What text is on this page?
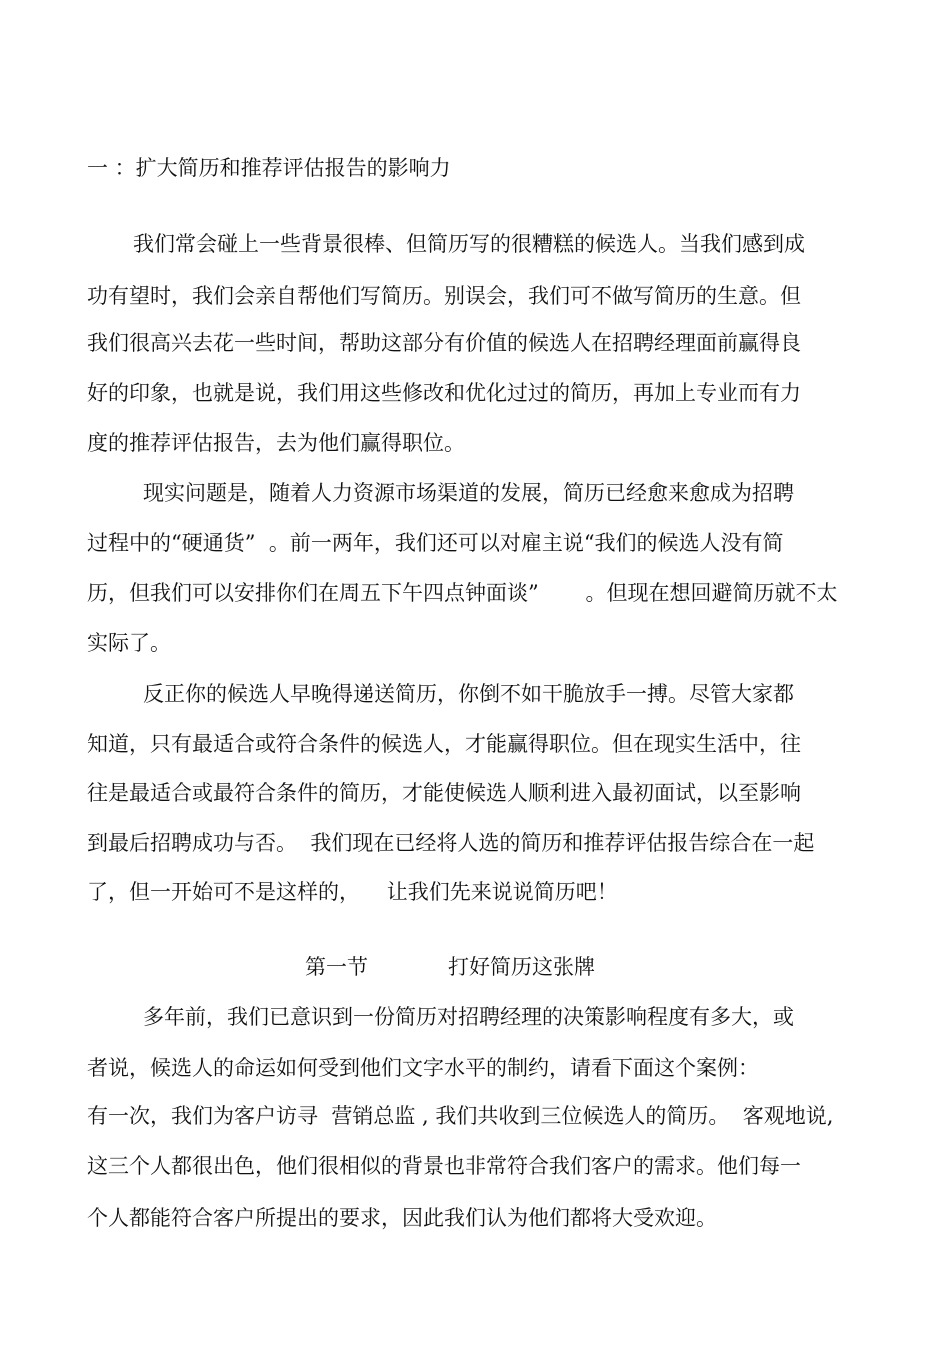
一 ：扩大简历和推荐评估报告的影响力

我们常会碰上一些背景很棒、但简历写的很糟糕的候选人。当我们感到成

功有望时，我们会亲自帮他们写简历。别误会，我们可不做写简历的生意。但

我们很高兴去花一些时间，帮助这部分有价值的候选人在招聘经理面前赢得良

好的印象，也就是说，我们用这些修改和优化过过的简历，再加上专业而有力

度的推荐评估报告，去为他们赢得职位。

现实问题是，随着人力资源市场渠道的发展，简历已经愈来愈成为招聘

过程中的“硬通货”  。前一两年，我们还可以对雇主说“我们的候选人没有简

历，但我们可以安排你们在周五下午四点钟面谈”       。但现在想回避简历就不太

实际了。

反正你的候选人早晚得递送简历，你倒不如干脆放手一搏。尽管大家都

知道，只有最适合或符合条件的候选人，才能赢得职位。但在现实生活中，往

往是最适合或最符合条件的简历，才能使候选人顺利进入最初面试，以至影响

到最后招聘成功与否。  我们现在已经将人选的简历和推荐评估报告综合在一起

了，但一开始可不是这样的，    让我们先来说说简历吧！

第一节	打好简历这张牌

多年前，我们已意识到一份简历对招聘经理的决策影响程度有多大，或

者说，候选人的命运如何受到他们文字水平的制约，请看下面这个案例：

有一次，我们为客户访寻  营销总监 , 我们共收到三位候选人的简历。  客观地说,

这三个人都很出色，他们很相似的背景也非常符合我们客户的需求。他们每一

个人都能符合客户所提出的要求，因此我们认为他们都将大受欢迎。
